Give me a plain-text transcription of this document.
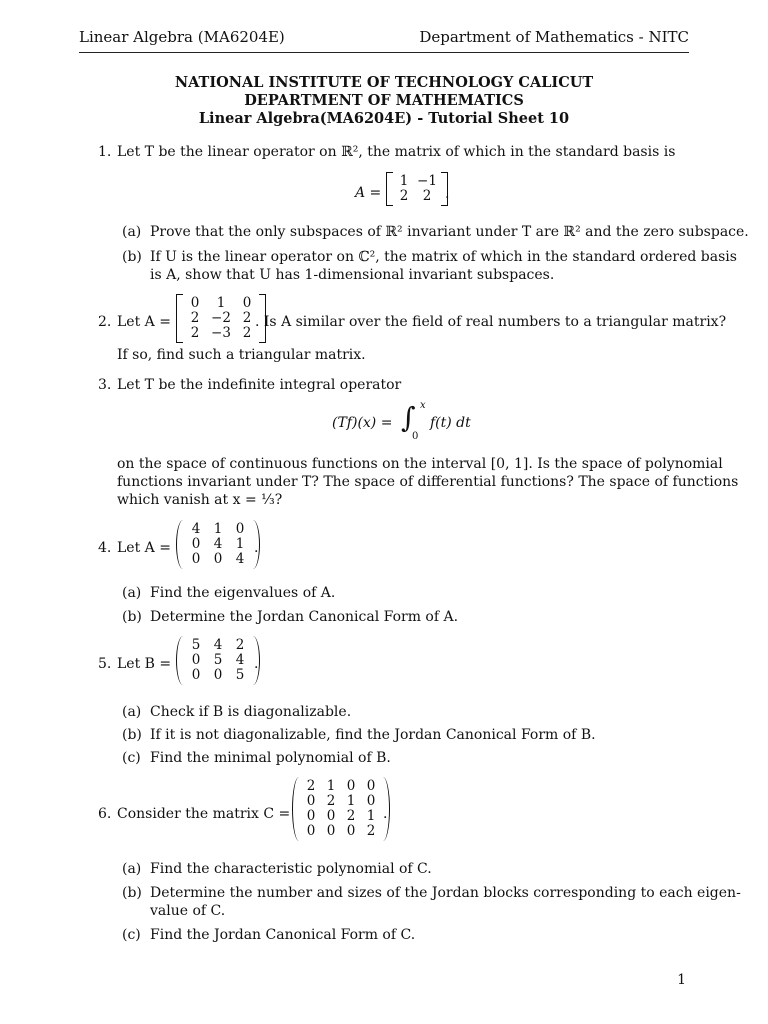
Linear Algebra (MA6204E)	Department of Mathematics - NITC
NATIONAL INSTITUTE OF TECHNOLOGY CALICUT
DEPARTMENT OF MATHEMATICS
Linear Algebra(MA6204E) - Tutorial Sheet 10
1. Let T be the linear operator on ℝ², the matrix of which in the standard basis is
A =
1 −1
2	2 .
(a) Prove that the only subspaces of ℝ² invariant under T are ℝ² and the zero subspace.
(b) If U is the linear operator on ℂ², the matrix of which in the standard ordered basis
is A, show that U has 1-dimensional invariant subspaces.
2. Let A =
0	1	0
2 −2 2
2 −3 2
. Is A similar over the field of real numbers to a triangular matrix?
If so, find such a triangular matrix.
3. Let T be the indefinite integral operator
(Tf)(x) = ∫ x
0
f(t) dt
on the space of continuous functions on the interval [0, 1]. Is the space of polynomial
functions invariant under T? The space of differential functions? The space of functions
which vanish at x = ⅓?
4. Let A =
4 1 0
0 4 1
0 0 4
.
(a) Find the eigenvalues of A.
(b) Determine the Jordan Canonical Form of A.
5. Let B =
5 4 2
0 5 4
0 0 5
.
(a) Check if B is diagonalizable.
(b) If it is not diagonalizable, find the Jordan Canonical Form of B.
(c) Find the minimal polynomial of B.
6. Consider the matrix C =
2 1 0 0
0 2 1 0
0 0 2 1
0 0 0 2
.
(a) Find the characteristic polynomial of C.
(b) Determine the number and sizes of the Jordan blocks corresponding to each eigen-
value of C.
(c) Find the Jordan Canonical Form of C.
1
